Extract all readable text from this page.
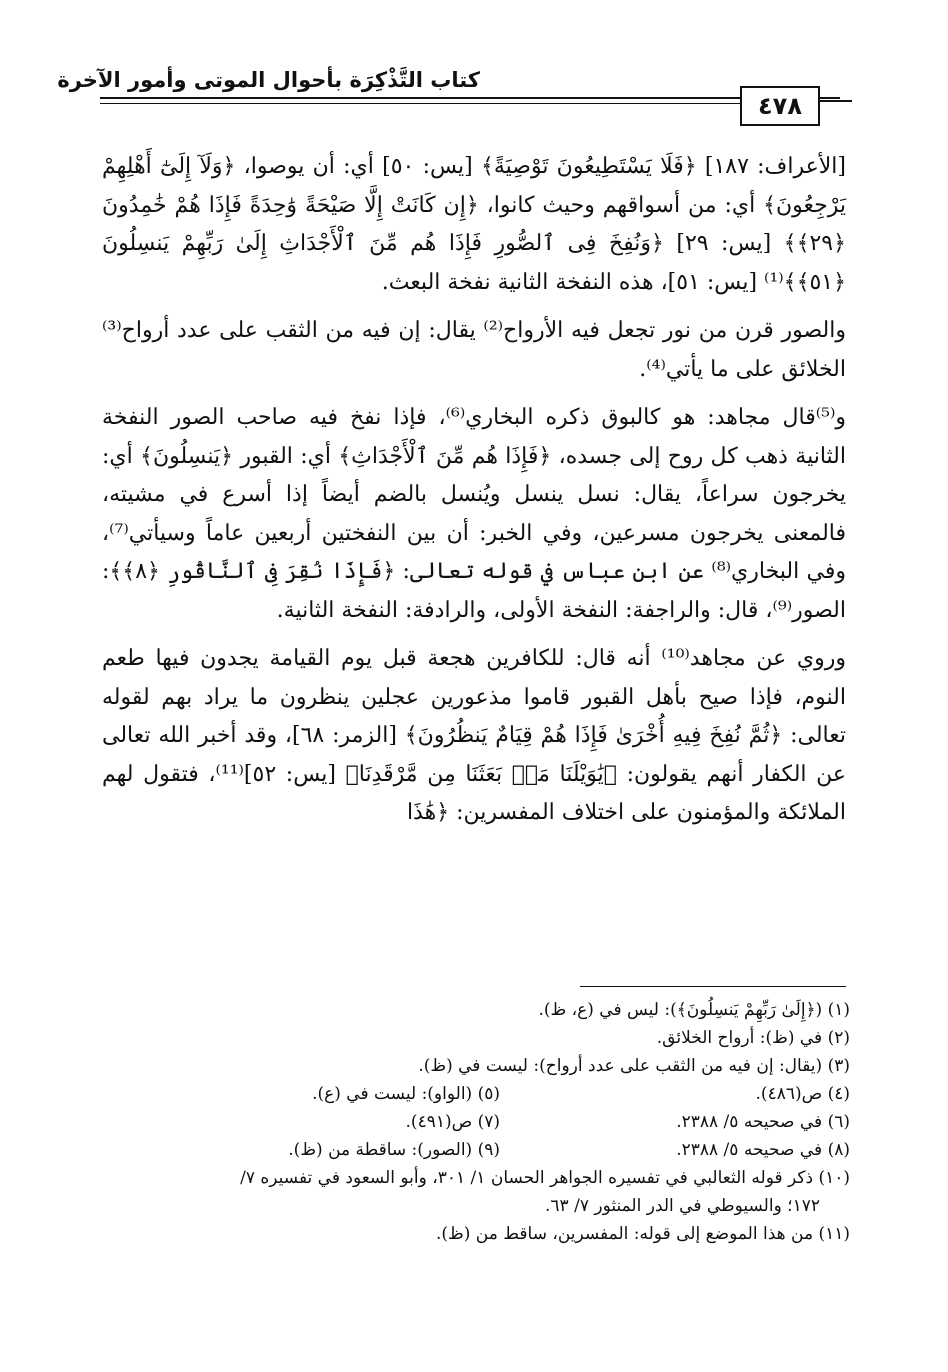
كتاب التَّذْكِرَة بأحوال الموتى وأمور الآخرة
٤٧٨

[الأعراف: ١٨٧] ﴿فَلَا يَسْتَطِيعُونَ تَوْصِيَةً﴾ [يس: ٥٠] أي: أن يوصوا، ﴿وَلَآ إِلَىٰٓ أَهْلِهِمْ يَرْجِعُونَ﴾ أي: من أسواقهم وحيث كانوا، ﴿إِن كَانَتْ إِلَّا صَيْحَةً وَٰحِدَةً فَإِذَا هُمْ خَٰمِدُونَ ﴿٢٩﴾﴾ [يس: ٢٩] ﴿وَنُفِخَ فِى ٱلصُّورِ فَإِذَا هُم مِّنَ ٱلْأَجْدَاثِ إِلَىٰ رَبِّهِمْ يَنسِلُونَ ﴿٥١﴾﴾⁽¹⁾ [يس: ٥١]، هذه النفخة الثانية نفخة البعث.

والصور قرن من نور تجعل فيه الأرواح⁽²⁾ يقال: إن فيه من الثقب على عدد أرواح⁽³⁾ الخلائق على ما يأتي⁽⁴⁾.

و⁽⁵⁾قال مجاهد: هو كالبوق ذكره البخاري⁽⁶⁾، فإذا نفخ فيه صاحب الصور النفخة الثانية ذهب كل روح إلى جسده، ﴿فَإِذَا هُم مِّنَ ٱلْأَجْدَاثِ﴾ أي: القبور ﴿يَنسِلُونَ﴾ أي: يخرجون سراعاً، يقال: نسل ينسل ويُنسل بالضم أيضاً إذا أسرع في مشيته، فالمعنى يخرجون مسرعين، وفي الخبر: أن بين النفختين أربعين عاماً وسيأتي⁽⁷⁾، وفي البخاري⁽⁸⁾ عن ابن عباس في قوله تعالى: ﴿فَإِذَا نُقِرَ فِى ٱلنَّاقُورِ ﴿٨﴾﴾: الصور⁽⁹⁾، قال: والراجفة: النفخة الأولى، والرادفة: النفخة الثانية.

وروي عن مجاهد⁽¹⁰⁾ أنه قال: للكافرين هجعة قبل يوم القيامة يجدون فيها طعم النوم، فإذا صيح بأهل القبور قاموا مذعورين عجلين ينظرون ما يراد بهم لقوله تعالى: ﴿ثُمَّ نُفِخَ فِيهِ أُخْرَىٰ فَإِذَا هُمْ قِيَامٌ يَنظُرُونَ﴾ [الزمر: ٦٨]، وقد أخبر الله تعالى عن الكفار أنهم يقولون: ﴿يَٰوَيْلَنَا مَنۢ بَعَثَنَا مِن مَّرْقَدِنَا﴾ [يس: ٥٢]⁽¹¹⁾، فتقول لهم الملائكة والمؤمنون على اختلاف المفسرين: ﴿هَٰذَا

(١) (﴿إِلَىٰ رَبِّهِمْ يَنسِلُونَ﴾): ليس في (ع، ظ).

(٢) في (ظ): أرواح الخلائق.

(٣) (يقال: إن فيه من الثقب على عدد أرواح): ليست في (ظ).

(٤) ص(٤٨٦).

(٥) (الواو): ليست في (ع).

(٦) في صحيحه ٥/ ٢٣٨٨.

(٧) ص(٤٩١).

(٨) في صحيحه ٥/ ٢٣٨٨.

(٩) (الصور): ساقطة من (ظ).

(١٠) ذكر قوله الثعالبي في تفسيره الجواهر الحسان ١/ ٣٠١، وأبو السعود في تفسيره ٧/

١٧٢؛ والسيوطي في الدر المنثور ٧/ ٦٣.

(١١) من هذا الموضع إلى قوله: المفسرين، ساقط من (ظ).
